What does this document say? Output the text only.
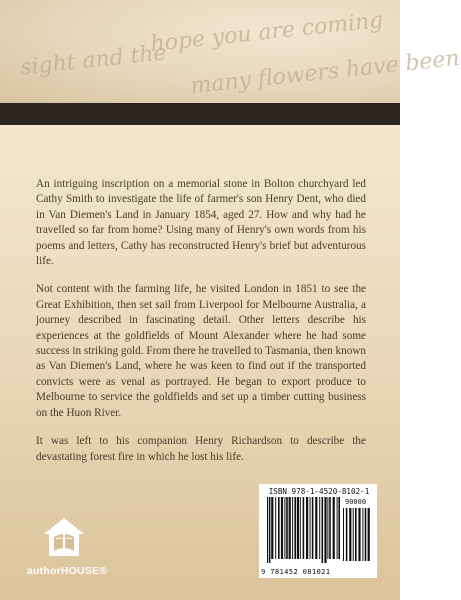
hope you are coming
sight and the many flowers have been

An intriguing inscription on a memorial stone in Bolton churchyard led Cathy Smith to investigate the life of farmer's son Henry Dent, who died in Van Diemen's Land in January 1854, aged 27. How and why had he travelled so far from home? Using many of Henry's own words from his poems and letters, Cathy has reconstructed Henry's brief but adventurous life.

Not content with the farming life, he visited London in 1851 to see the Great Exhibition, then set sail from Liverpool for Melbourne Australia, a journey described in fascinating detail. Other letters describe his experiences at the goldfields of Mount Alexander where he had some success in striking gold. From there he travelled to Tasmania, then known as Van Diemen's Land, where he was keen to find out if the transported convicts were as venal as portrayed. He began to export produce to Melbourne to service the goldfields and set up a timber cutting business on the Huon River.

It was left to his companion Henry Richardson to describe the devastating forest fire in which he lost his life.

authorHOUSE®
ISBN 978-1-4520-8102-1
90000
9 781452 081021
